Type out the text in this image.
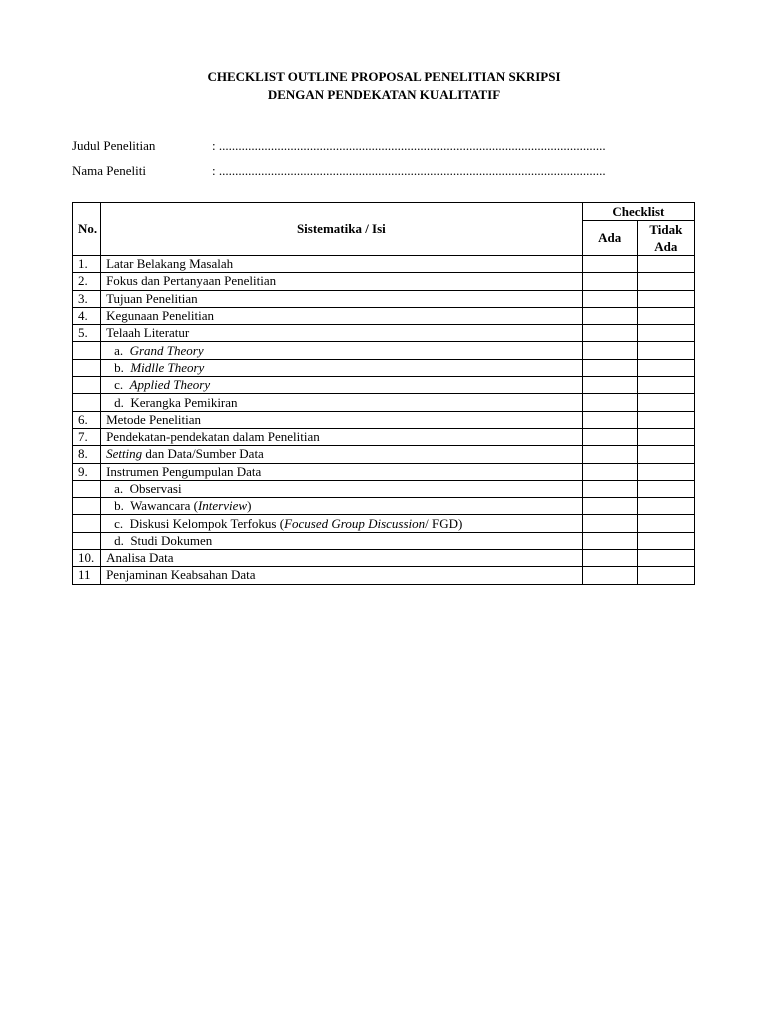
CHECKLIST OUTLINE PROPOSAL PENELITIAN SKRIPSI
DENGAN PENDEKATAN KUALITATIF
Judul Penelitian	: .......................................................................................................................
Nama Peneliti	: .......................................................................................................................
No.	Sistematika / Isi	Checklist	
		Ada	Tidak Ada
1.	Latar Belakang Masalah		
2.	Fokus dan Pertanyaan Penelitian		
3.	Tujuan Penelitian		
4.	Kegunaan Penelitian		
5.	Telaah Literatur		
	a. Grand Theory		
	b. Midlle Theory		
	c. Applied Theory		
	d. Kerangka Pemikiran		
6.	Metode Penelitian		
7.	Pendekatan-pendekatan dalam Penelitian		
8.	Setting dan Data/Sumber Data		
9.	Instrumen Pengumpulan Data		
	a. Observasi		
	b. Wawancara (Interview)		
	c. Diskusi Kelompok Terfokus (Focused Group Discussion/ FGD)		
	d. Studi Dokumen		
10.	Analisa Data		
11	Penjaminan Keabsahan Data		
